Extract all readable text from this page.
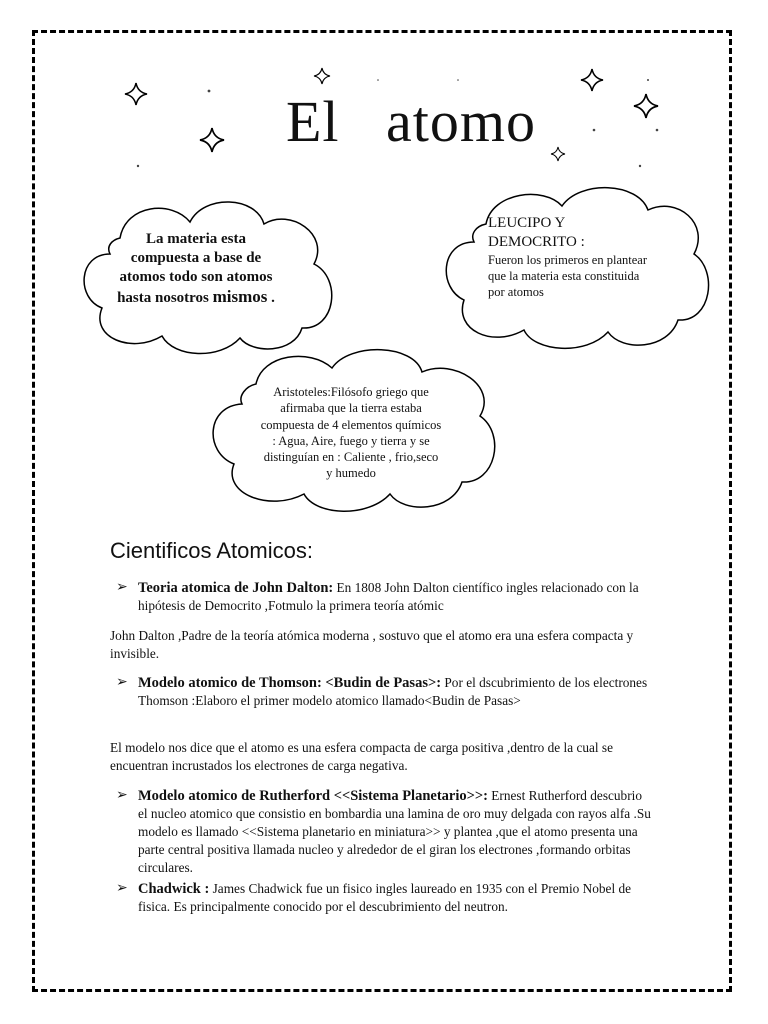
El   atomo
La materia esta compuesta a base de atomos todo son atomos hasta nosotros mismos .
LEUCIPO Y DEMOCRITO :
Fueron los primeros en plantear que la materia esta constituida por atomos
Aristoteles:Filósofo griego que afirmaba que la tierra estaba compuesta de 4 elementos químicos : Agua, Aire, fuego y tierra y se distinguían en : Caliente , frio,seco y humedo
Cientificos Atomicos:
➢ Teoria atomica de John Dalton: En 1808 John Dalton científico ingles relacionado con la hipótesis de Democrito ,Fotmulo la primera teoría atómic
John Dalton ,Padre de la teoría atómica moderna , sostuvo que el atomo era una esfera compacta y invisible.
➢ Modelo atomico de Thomson: <Budin de Pasas>: Por el dscubrimiento de los electrones Thomson :Elaboro el primer modelo atomico llamado<Budin de Pasas>
El modelo nos dice que el atomo es una esfera compacta de carga positiva ,dentro de la cual se encuentran incrustados los electrones de carga negativa.
➢ Modelo atomico de Rutherford <<Sistema Planetario>>: Ernest Rutherford descubrio el nucleo atomico que consistio en bombardia una lamina de oro muy delgada con rayos alfa .Su modelo es llamado <<Sistema planetario en miniatura>> y plantea ,que el atomo presenta una parte central positiva llamada nucleo y alrededor de el giran los electrones ,formando orbitas circulares.
➢ Chadwick : James Chadwick fue un fisico ingles laureado en 1935 con el Premio Nobel de fisica. Es principalmente conocido por el descubrimiento del neutron.
